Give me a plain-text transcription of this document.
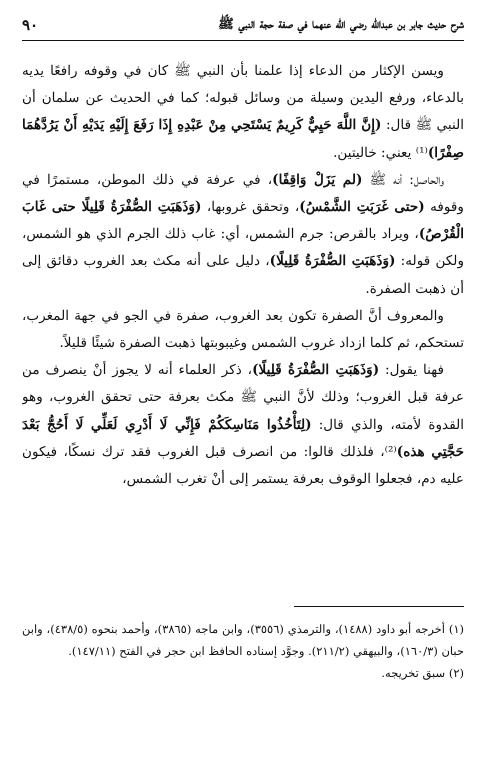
شرح حديث جابر بن عبدالله رضي الله عنهما في صفة حجة النبي ﷺ
٩٠

ويسن الإكثار من الدعاء إذا علمنا بأن النبي ﷺ كان في وقوفه رافعًا يديه بالدعاء، ورفع اليدين وسيلة من وسائل قبوله؛ كما في الحديث عن سلمان أن النبي ﷺ قال: (إِنَّ اللَّهَ حَيِيٌّ كَرِيمٌ يَسْتَحِي مِنْ عَبْدِهِ إِذَا رَفَعَ إِلَيْهِ يَدَيْهِ أَنْ يَرُدَّهُمَا صِفْرًا)⁽¹⁾ يعني: خاليتين.

والحاصل: أنه ﷺ (لم يَزَلْ وَاقِفًا)، في عرفة في ذلك الموطن، مستمرًا في وقوفه (حتى غَرَبَتِ الشَّمْسُ)، وتحقق غروبها، (وَذَهَبَتِ الصُّفْرَةُ قَلِيلًا حتى غَابَ الْقُرْصُ)، ويراد بالقرص: جرم الشمس، أي: غاب ذلك الجرم الذي هو الشمس، ولكن قوله: (وَذَهَبَتِ الصُّفْرَةُ قَلِيلًا)، دليل على أنه مكث بعد الغروب دقائق إلى أن ذهبت الصفرة.

والمعروف أنَّ الصفرة تكون بعد الغروب، صفرة في الجو في جهة المغرب، تستحكم، ثم كلما ازداد غروب الشمس وغيبوبتها ذهبت الصفرة شيئًا قليلاً.

فهنا يقول: (وَذَهَبَتِ الصُّفْرَةُ قَلِيلًا)، ذكر العلماء أنه لا يجوز أنْ ينصرف من عرفة قبل الغروب؛ وذلك لأنَّ النبي ﷺ مكث بعرفة حتى تحقق الغروب، وهو القدوة لأمته، والذي قال: (لِتَأْخُذُوا مَنَاسِكَكُمْ فَإِنِّي لَا أَدْرِي لَعَلِّي لَا أَحُجُّ بَعْدَ حَجَّتِي هذه)⁽²⁾، فلذلك قالوا: من انصرف قبل الغروب فقد ترك نسكًا، فيكون عليه دم، فجعلوا الوقوف بعرفة يستمر إلى أنْ تغرب الشمس،

(١) أخرجه أبو داود (١٤٨٨)، والترمذي (٣٥٥٦)، وابن ماجه (٣٨٦٥)، وأحمد بنحوه (٤٣٨/٥)، وابن حبان (١٦٠/٣)، والبيهقي (٢١١/٢). وجوَّد إسناده الحافظ ابن حجر في الفتح (١٤٧/١١).

(٢) سبق تخريجه.
